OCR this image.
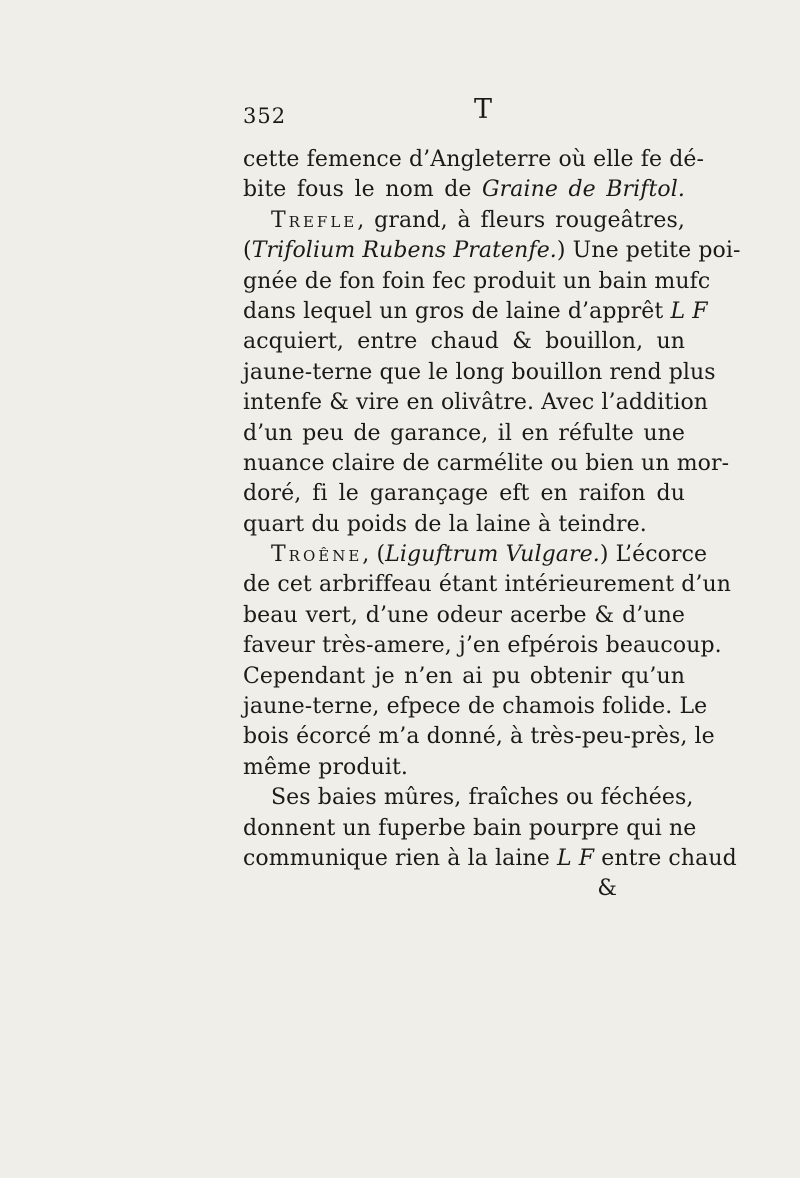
352	T
cette femence d’Angleterre où elle fe dé-
bite fous le nom de Graine de Briftol.
Trefle, grand, à fleurs rougeâtres,
(Trifolium Rubens Pratenfe.) Une petite poi-
gnée de fon foin fec produit un bain mufc
dans lequel un gros de laine d’apprêt L F
acquiert, entre chaud & bouillon, un
jaune-terne que le long bouillon rend plus
intenfe & vire en olivâtre. Avec l’addition
d’un peu de garance, il en réfulte une
nuance claire de carmélite ou bien un mor-
doré, fi le garançage eft en raifon du
quart du poids de la laine à teindre.
Troêne, (Liguftrum Vulgare.) L’écorce
de cet arbriffeau étant intérieurement d’un
beau vert, d’une odeur acerbe & d’une
faveur très-amere, j’en efpérois beaucoup.
Cependant je n’en ai pu obtenir qu’un
jaune-terne, efpece de chamois folide. Le
bois écorcé m’a donné, à très-peu-près, le
même produit.
Ses baies mûres, fraîches ou féchées,
donnent un fuperbe bain pourpre qui ne
communique rien à la laine L F entre chaud
&
